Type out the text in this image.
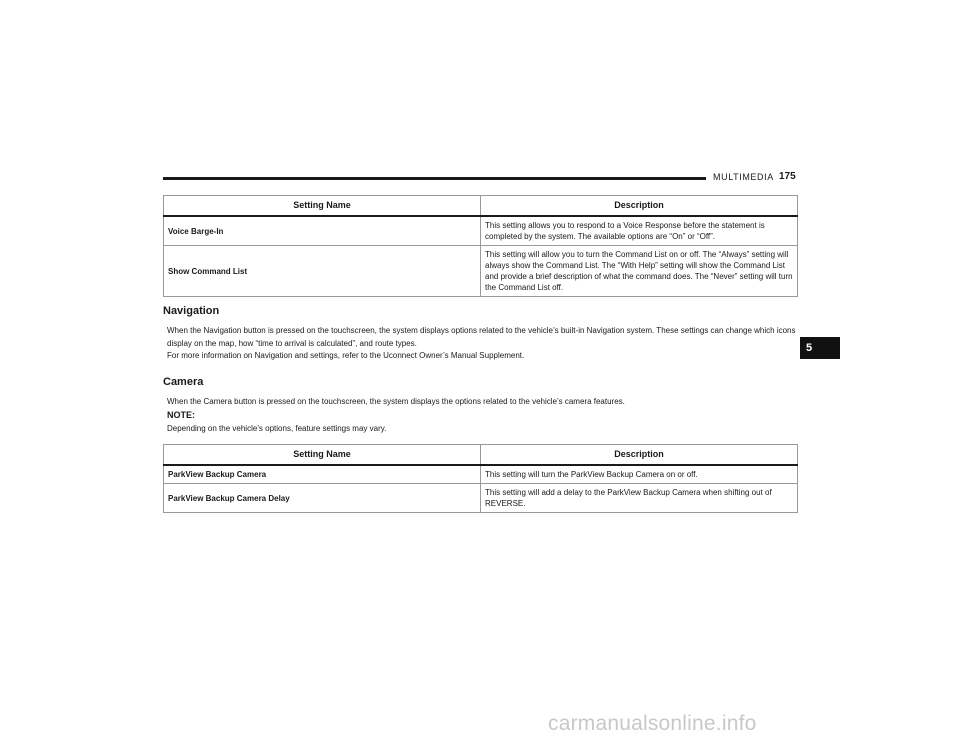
MULTIMEDIA 175
5
Setting Name	Description
Voice Barge-In	This setting allows you to respond to a Voice Response before the statement is completed by the system. The available options are “On” or “Off”.
Show Command List	This setting will allow you to turn the Command List on or off. The “Always” setting will always show the Command List. The “With Help” setting will show the Command List and provide a brief description of what the command does. The “Never” setting will turn the Command List off.
Navigation
When the Navigation button is pressed on the touchscreen, the system displays options related to the vehicle’s built-in Navigation system. These settings can change which icons display on the map, how “time to arrival is calculated”, and route types.
For more information on Navigation and settings, refer to the Uconnect Owner’s Manual Supplement.
Camera
When the Camera button is pressed on the touchscreen, the system displays the options related to the vehicle’s camera features.
NOTE:
Depending on the vehicle’s options, feature settings may vary.
Setting Name	Description
ParkView Backup Camera	This setting will turn the ParkView Backup Camera on or off.
ParkView Backup Camera Delay	This setting will add a delay to the ParkView Backup Camera when shifting out of REVERSE.
carmanualsonline.info
